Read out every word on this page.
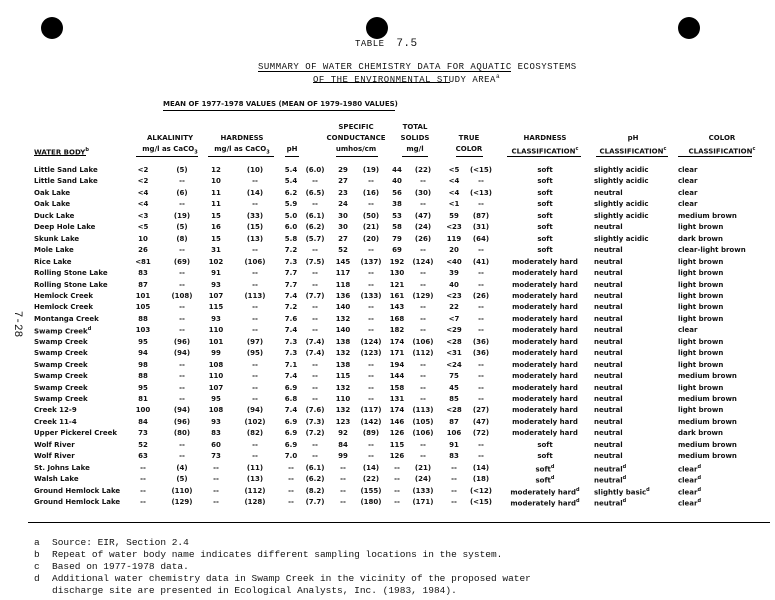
7-28
TABLE 7.5
SUMMARY OF WATER CHEMISTRY DATA FOR AQUATIC ECOSYSTEMS
OF THE ENVIRONMENTAL STUDY AREA$^a$
MEAN OF 1977-1978 VALUES (MEAN OF 1979-1980 VALUES)
WATER BODY$^b$
ALKALINITY
mg/l as CaCO$_3$
HARDNESS
mg/l as CaCO$_3$	pH
SPECIFIC
CONDUCTANCE
umhos/cm
TOTAL
SOLIDS
mg/l
TRUE
COLOR
HARDNESS
CLASSIFICATION$^c$
pH
CLASSIFICATION$^c$
COLOR
CLASSIFICATION$^c$
Little Sand Lake	<2	(5)	12	(10)	5.4	(6.0)	29	(19)	44	(22)	<5	(<15)	soft	slightly acidic	clear
Little Sand Lake	<2	--	10	--	5.4	--	27	--	40	--	<4	--	soft	slightly acidic	clear
Oak Lake	<4	(6)	11	(14)	6.2	(6.5)	23	(16)	56	(30)	<4	(<13)	soft	neutral	clear
Oak Lake	<4	--	11	--	5.9	--	24	--	38	--	<1	--	soft	slightly acidic	clear
Duck Lake	<3	(19)	15	(33)	5.0	(6.1)	30	(50)	53	(47)	59	(87)	soft	slightly acidic	medium brown
Deep Hole Lake	<5	(5)	16	(15)	6.0	(6.2)	30	(21)	58	(24)	<23	(31)	soft	neutral	light brown
Skunk Lake	10	(8)	15	(13)	5.8	(5.7)	27	(20)	79	(26)	119	(64)	soft	slightly acidic	dark brown
Mole Lake	26	--	31	--	7.2	--	52	--	69	--	20	--	soft	neutral	clear-light brown
Rice Lake	<81	(69)	102	(106)	7.3	(7.5)	145	(137)	192	(124)	<40	(41)	moderately hard	neutral	light brown
Rolling Stone Lake	83	--	91	--	7.7	--	117	--	130	--	39	--	moderately hard	neutral	light brown
Rolling Stone Lake	87	--	93	--	7.7	--	118	--	121	--	40	--	moderately hard	neutral	light brown
Hemlock Creek	101	(108)	107	(113)	7.4	(7.7)	136	(133)	161	(129)	<23	(26)	moderately hard	neutral	light brown
Hemlock Creek	105	--	115	--	7.2	--	140	--	143	--	22	--	moderately hard	neutral	light brown
Montanga Creek	88	--	93	--	7.6	--	132	--	168	--	<7	--	moderately hard	neutral	light brown
Swamp Creek$^d$	103	--	110	--	7.4	--	140	--	182	--	<29	--	moderately hard	neutral	clear
Swamp Creek	95	(96)	101	(97)	7.3	(7.4)	138	(124)	174	(106)	<28	(36)	moderately hard	neutral	light brown
Swamp Creek	94	(94)	99	(95)	7.3	(7.4)	132	(123)	171	(112)	<31	(36)	moderately hard	neutral	light brown
Swamp Creek	98	--	108	--	7.1	--	138	--	194	--	<24	--	moderately hard	neutral	light brown
Swamp Creek	88	--	110	--	7.4	--	115	--	144	--	75	--	moderately hard	neutral	medium brown
Swamp Creek	95	--	107	--	6.9	--	132	--	158	--	45	--	moderately hard	neutral	light brown
Swamp Creek	81	--	95	--	6.8	--	110	--	131	--	85	--	moderately hard	neutral	medium brown
Creek 12-9	100	(94)	108	(94)	7.4	(7.6)	132	(117)	174	(113)	<28	(27)	moderately hard	neutral	light brown
Creek 11-4	84	(96)	93	(102)	6.9	(7.3)	123	(142)	146	(105)	87	(47)	moderately hard	neutral	medium brown
Upper Pickerel Creek	73	(80)	83	(82)	6.9	(7.2)	92	(89)	126	(106)	106	(72)	moderately hard	neutral	dark brown
Wolf River	52	--	60	--	6.9	--	84	--	115	--	91	--	soft	neutral	medium brown
Wolf River	63	--	73	--	7.0	--	99	--	126	--	83	--	soft	neutral	medium brown
St. Johns Lake	--	(4)	--	(11)	--	(6.1)	--	(14)	--	(21)	--	(14)	soft$^d$	neutral$^d$	clear$^d$
Walsh Lake	--	(5)	--	(13)	--	(6.2)	--	(22)	--	(24)	--	(18)	soft$^d$	neutral$^d$	clear$^d$
Ground Hemlock Lake	--	(110)	--	(112)	--	(8.2)	--	(155)	--	(133)	--	(<12)	moderately hard$^d$	slightly basic$^d$	clear$^d$
Ground Hemlock Lake	--	(129)	--	(128)	--	(7.7)	--	(180)	--	(171)	--	(<15)	moderately hard$^d$	neutral$^d$	clear$^d$
a Source: EIR, Section 2.4
b Repeat of water body name indicates different sampling locations in the system.
c Based on 1977-1978 data.
d Additional water chemistry data in Swamp Creek in the vicinity of the proposed water
discharge site are presented in Ecological Analysts, Inc. (1983, 1984).
